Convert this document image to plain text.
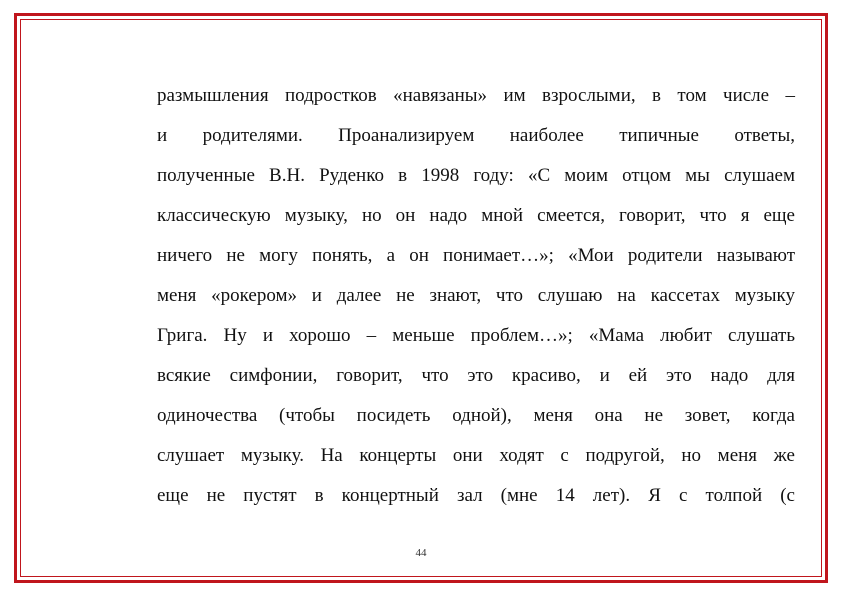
размышления подростков «навязаны» им взрослыми, в том числе –
и родителями. Проанализируем наиболее типичные ответы,
полученные В.Н. Руденко в 1998 году: «С моим отцом мы слушаем
классическую музыку, но он надо мной смеется, говорит, что я еще
ничего не могу понять, а он понимает…»; «Мои родители называют
меня «рокером» и далее не знают, что слушаю на кассетах музыку
Грига. Ну и хорошо – меньше проблем…»; «Мама любит слушать
всякие симфонии, говорит, что это красиво, и ей это надо для
одиночества (чтобы посидеть одной), меня она не зовет, когда
слушает музыку. На концерты они ходят с подругой, но меня же
еще не пустят в концертный зал (мне 14 лет). Я с толпой (с
44
